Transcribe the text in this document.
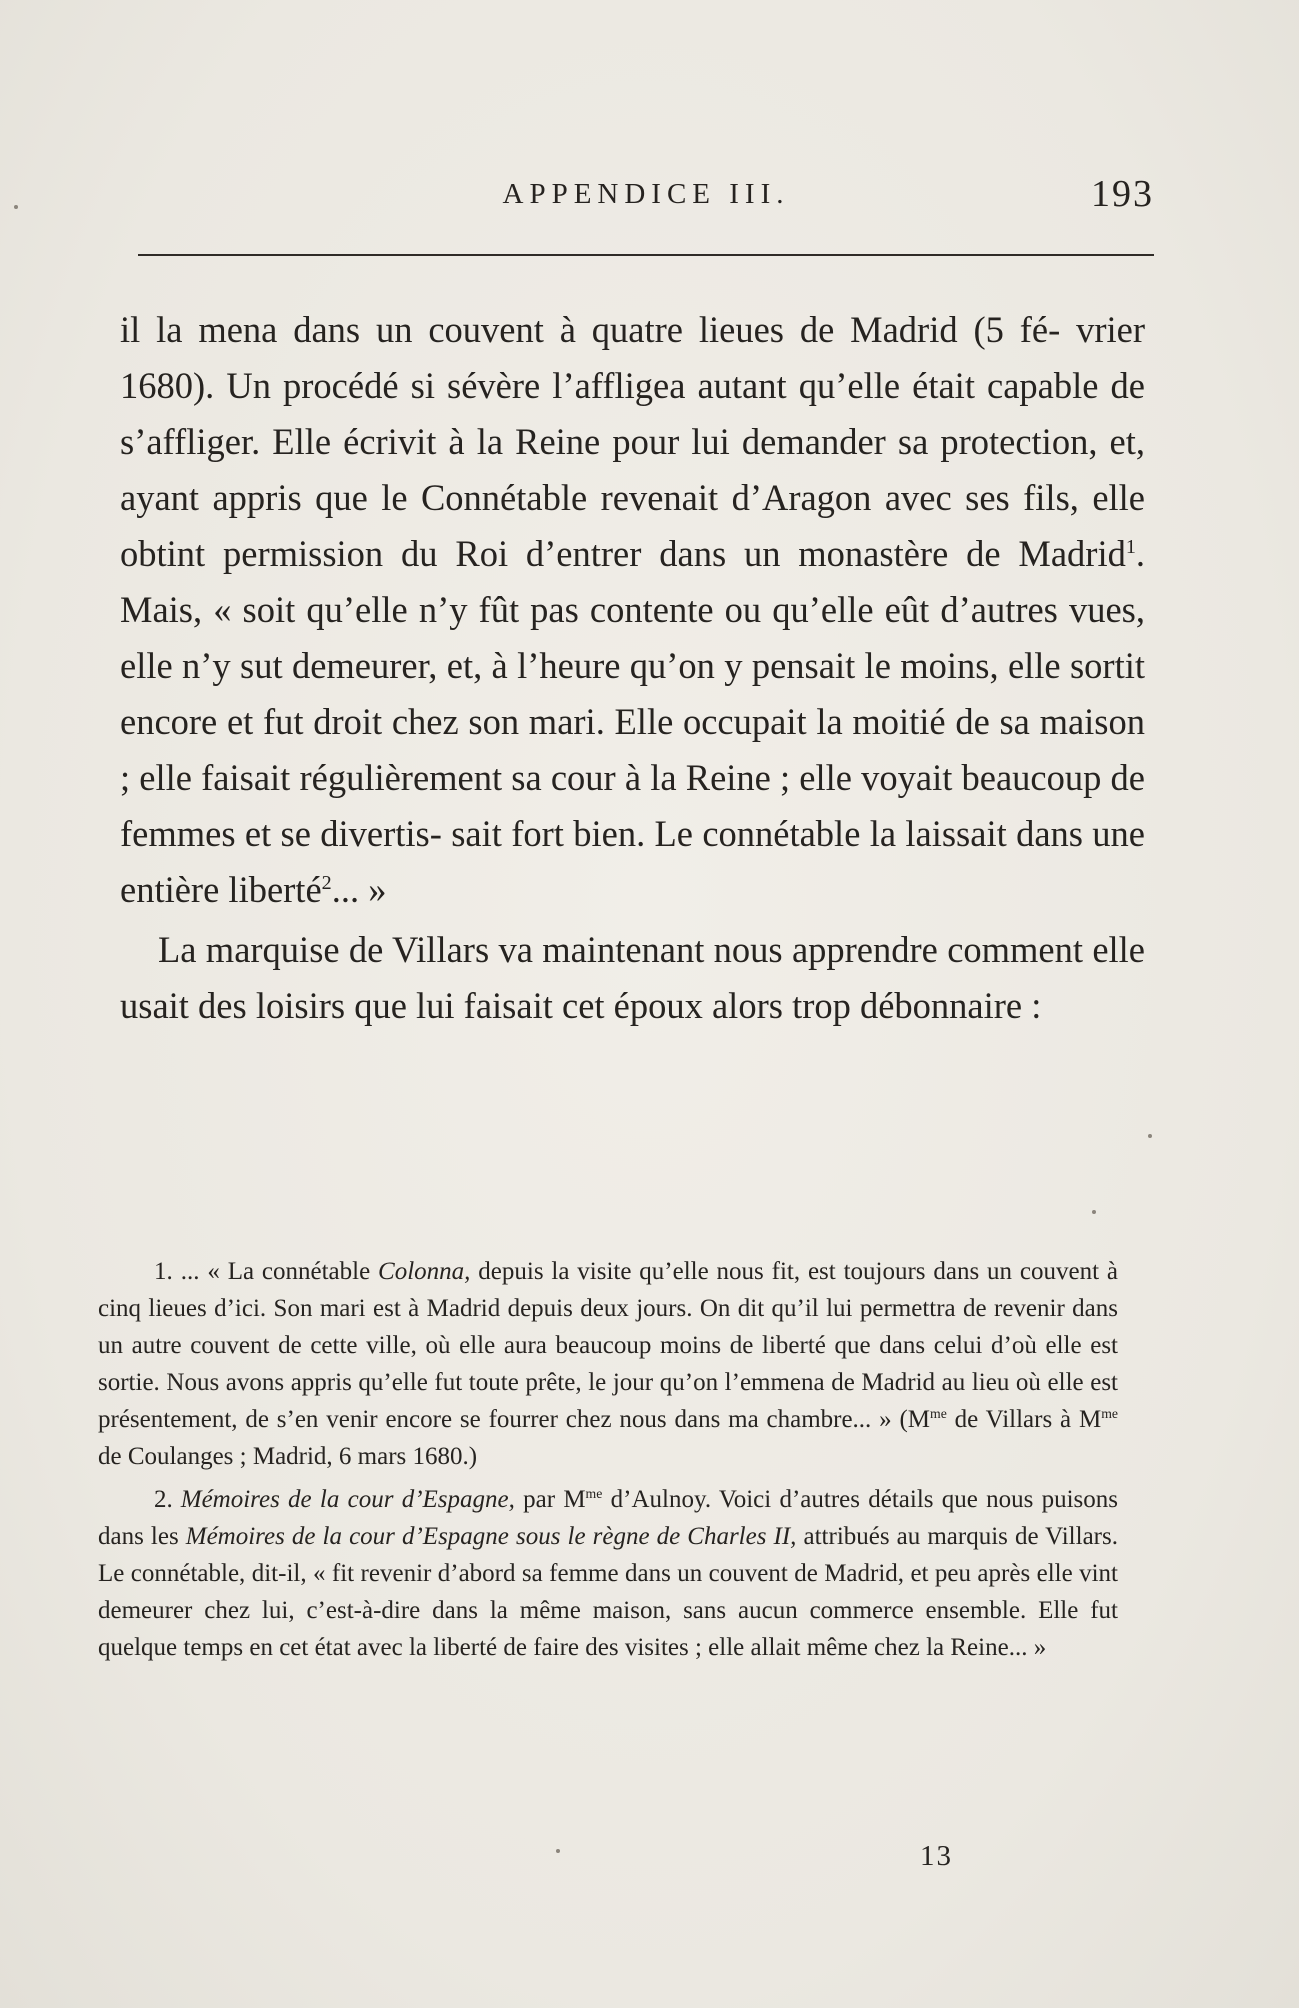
APPENDICE III.	193

il la mena dans un couvent à quatre lieues de Madrid (5 fé- vrier 1680). Un procédé si sévère l’affligea autant qu’elle était capable de s’affliger. Elle écrivit à la Reine pour lui demander sa protection, et, ayant appris que le Connétable revenait d’Aragon avec ses fils, elle obtint permission du Roi d’entrer dans un monastère de Madrid$^1$. Mais, « soit qu’elle n’y fût pas contente ou qu’elle eût d’autres vues, elle n’y sut demeurer, et, à l’heure qu’on y pensait le moins, elle sortit encore et fut droit chez son mari. Elle occupait la moitié de sa maison ; elle faisait régulièrement sa cour à la Reine ; elle voyait beaucoup de femmes et se divertis- sait fort bien. Le connétable la laissait dans une entière liberté$^2$... »

La marquise de Villars va maintenant nous apprendre comment elle usait des loisirs que lui faisait cet époux alors trop débonnaire :

1. ... « La connétable Colonna, depuis la visite qu’elle nous fit, est toujours dans un couvent à cinq lieues d’ici. Son mari est à Madrid depuis deux jours. On dit qu’il lui permettra de revenir dans un autre couvent de cette ville, où elle aura beaucoup moins de liberté que dans celui d’où elle est sortie. Nous avons appris qu’elle fut toute prête, le jour qu’on l’emmena de Madrid au lieu où elle est présentement, de s’en venir encore se fourrer chez nous dans ma chambre... » ($M^{me}$ de Villars à $M^{me}$ de Coulanges ; Madrid, 6 mars 1680.)

2. Mémoires de la cour d’Espagne, par $M^{me}$ d’Aulnoy. Voici d’autres détails que nous puisons dans les Mémoires de la cour d’Espagne sous le règne de Charles II, attribués au marquis de Villars. Le connétable, dit-il, « fit revenir d’abord sa femme dans un couvent de Madrid, et peu après elle vint demeurer chez lui, c’est-à-dire dans la même maison, sans aucun commerce ensemble. Elle fut quelque temps en cet état avec la liberté de faire des visites ; elle allait même chez la Reine... »

13
